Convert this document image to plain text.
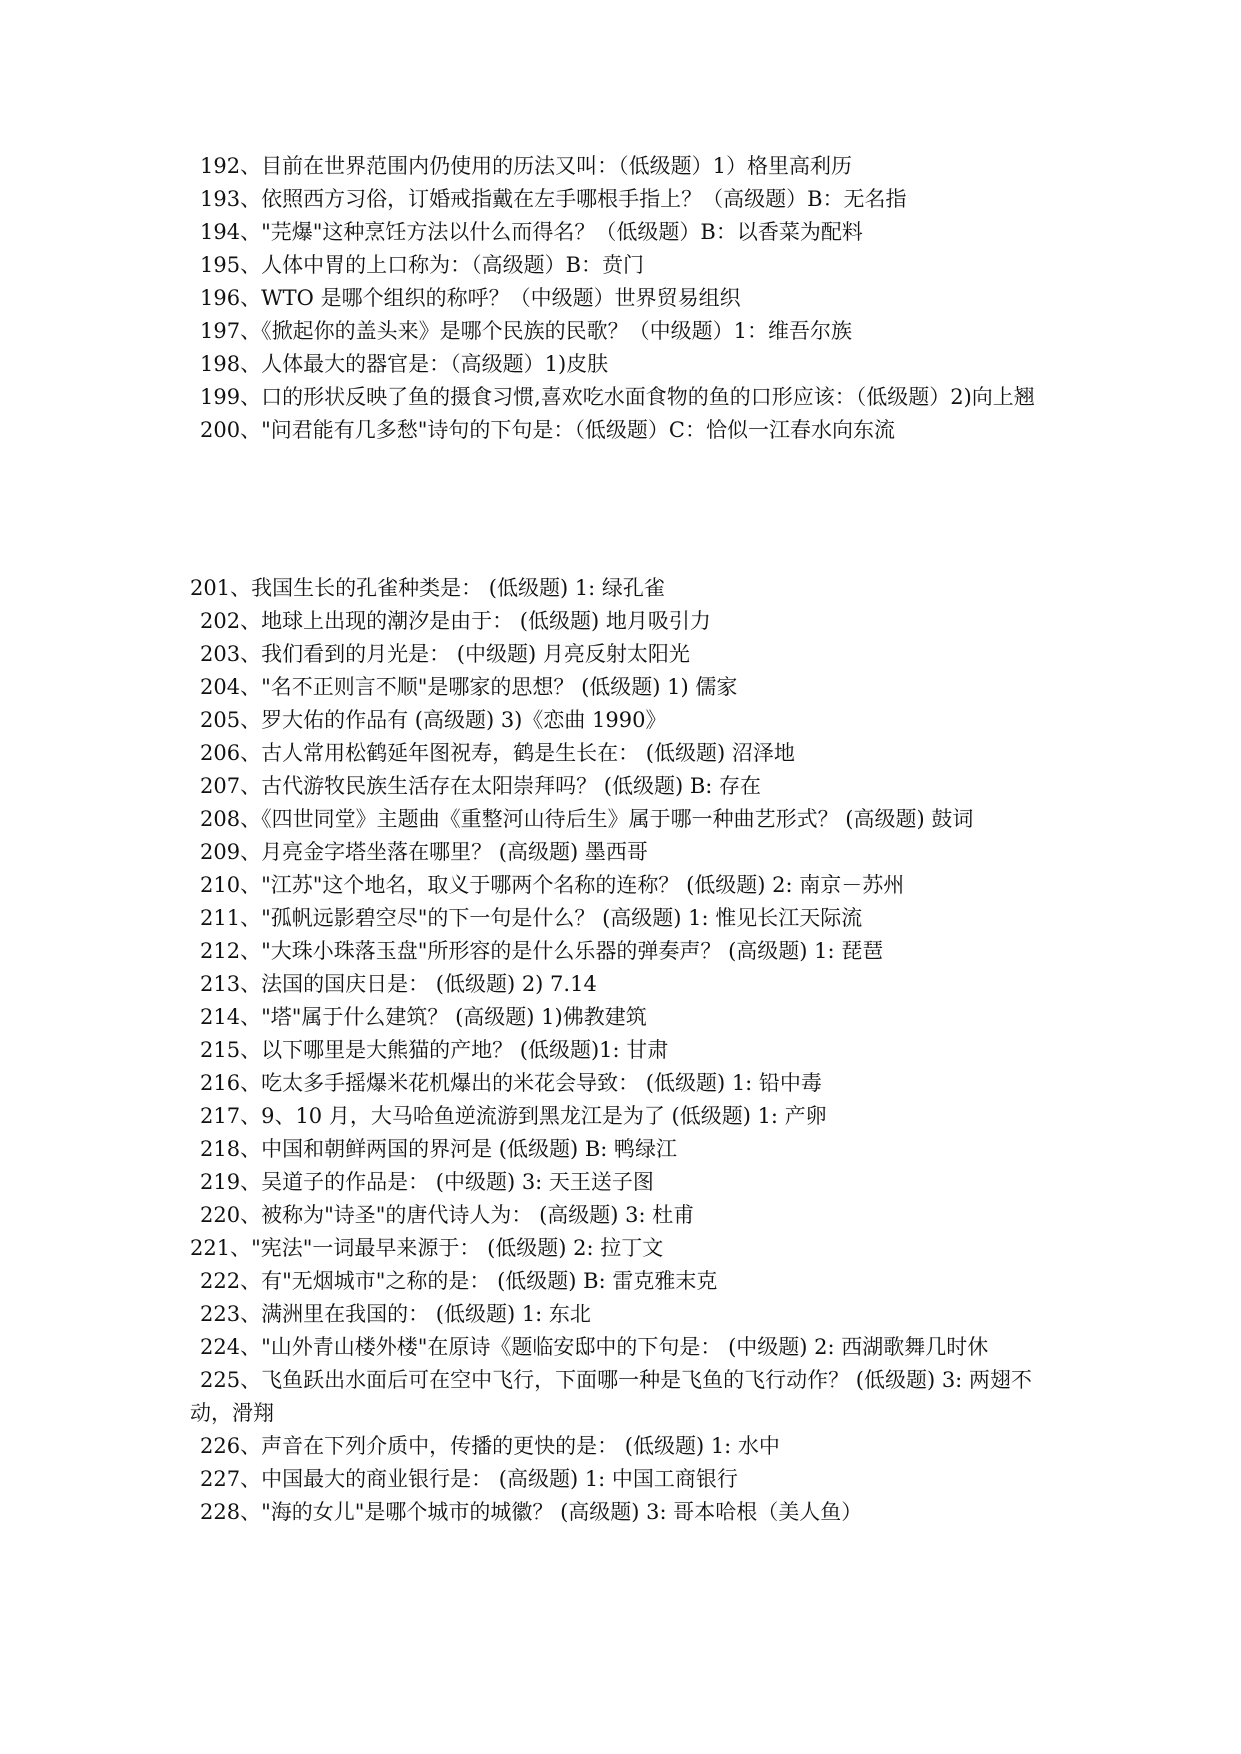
192、目前在世界范围内仍使用的历法又叫：（低级题）1）格里高利历

193、依照西方习俗，订婚戒指戴在左手哪根手指上？（高级题）B：无名指

194、"芫爆"这种烹饪方法以什么而得名？（低级题）B：以香菜为配料

195、人体中胃的上口称为：（高级题）B：贲门

196、WTO 是哪个组织的称呼？（中级题）世界贸易组织

197、《掀起你的盖头来》是哪个民族的民歌？（中级题）1：维吾尔族

198、人体最大的器官是：（高级题）1)皮肤

199、口的形状反映了鱼的摄食习惯,喜欢吃水面食物的鱼的口形应该：（低级题）2)向上翘

200、"问君能有几多愁"诗句的下句是：（低级题）C：恰似一江春水向东流

201、我国生长的孔雀种类是： (低级题) 1: 绿孔雀

202、地球上出现的潮汐是由于： (低级题) 地月吸引力

203、我们看到的月光是： (中级题) 月亮反射太阳光

204、"名不正则言不顺"是哪家的思想？ (低级题) 1) 儒家

205、罗大佑的作品有 (高级题) 3)《恋曲 1990》

206、古人常用松鹤延年图祝寿，鹤是生长在： (低级题) 沼泽地

207、古代游牧民族生活存在太阳崇拜吗？ (低级题) B: 存在

208、《四世同堂》主题曲《重整河山待后生》属于哪一种曲艺形式？ (高级题) 鼓词

209、月亮金字塔坐落在哪里？ (高级题) 墨西哥

210、"江苏"这个地名，取义于哪两个名称的连称？ (低级题) 2: 南京－苏州

211、"孤帆远影碧空尽"的下一句是什么？ (高级题) 1: 惟见长江天际流

212、"大珠小珠落玉盘"所形容的是什么乐器的弹奏声？ (高级题) 1: 琵琶

213、法国的国庆日是： (低级题) 2) 7.14

214、"塔"属于什么建筑？ (高级题) 1)佛教建筑

215、以下哪里是大熊猫的产地？ (低级题)1: 甘肃

216、吃太多手摇爆米花机爆出的米花会导致： (低级题) 1: 铅中毒

217、9、10 月，大马哈鱼逆流游到黑龙江是为了 (低级题) 1: 产卵

218、中国和朝鲜两国的界河是 (低级题) B: 鸭绿江

219、吴道子的作品是： (中级题) 3: 天王送子图

220、被称为"诗圣"的唐代诗人为： (高级题) 3: 杜甫

221、"宪法"一词最早来源于： (低级题) 2: 拉丁文

222、有"无烟城市"之称的是： (低级题) B: 雷克雅末克

223、满洲里在我国的： (低级题) 1: 东北

224、"山外青山楼外楼"在原诗《题临安邸中的下句是： (中级题) 2: 西湖歌舞几时休

225、飞鱼跃出水面后可在空中飞行，下面哪一种是飞鱼的飞行动作？ (低级题) 3: 两翅不动，滑翔

226、声音在下列介质中，传播的更快的是： (低级题) 1: 水中

227、中国最大的商业银行是： (高级题) 1: 中国工商银行

228、"海的女儿"是哪个城市的城徽？ (高级题) 3: 哥本哈根（美人鱼）
